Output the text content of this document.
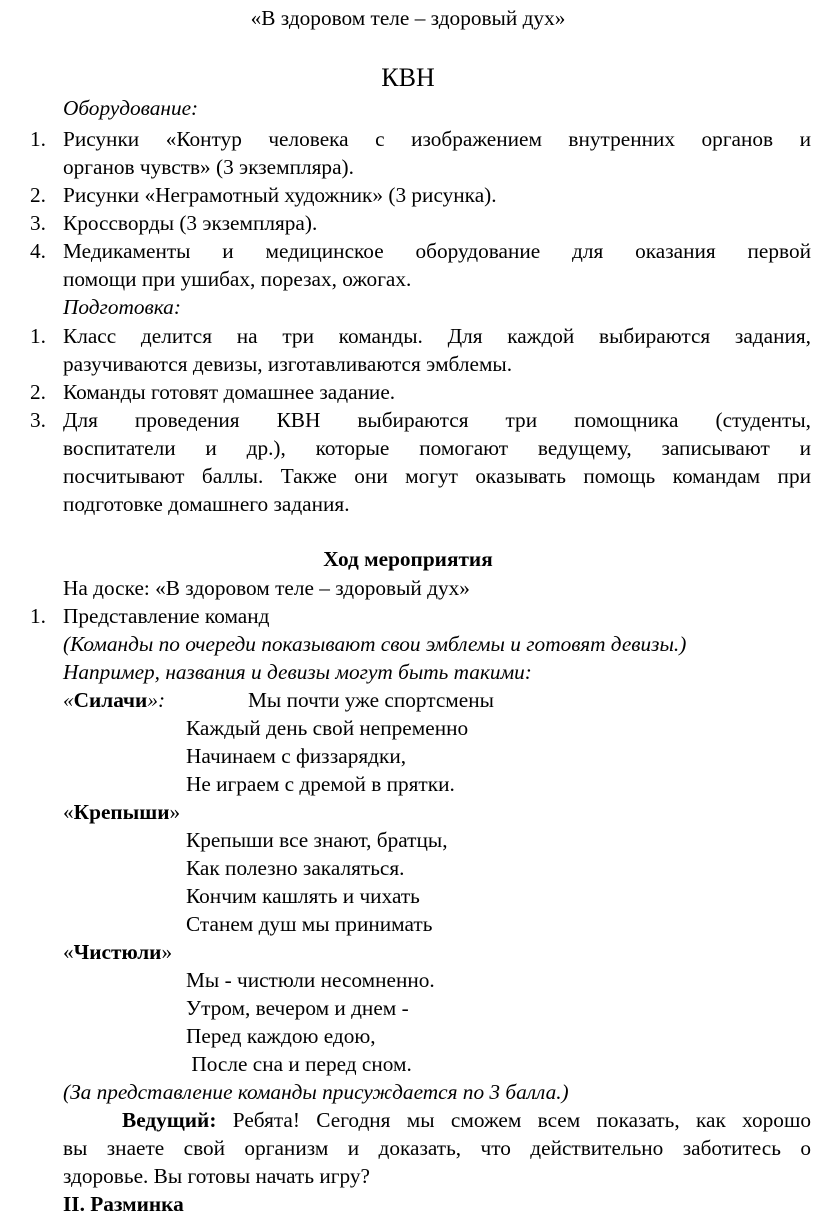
«В здоровом теле – здоровый дух»
КВН
Оборудование:
1. Рисунки «Контур человека с изображением внутренних органов и
органов чувств» (3 экземпляра).
2. Рисунки «Неграмотный художник» (3 рисунка).
3. Кроссворды (3 экземпляра).
4. Медикаменты и медицинское оборудование для оказания первой
помощи при ушибах, порезах, ожогах.
Подготовка:
1. Класс делится на три команды. Для каждой выбираются задания,
разучиваются девизы, изготавливаются эмблемы.
2. Команды готовят домашнее задание.
3. Для проведения КВН выбираются три помощника (студенты,
воспитатели и др.), которые помогают ведущему, записывают и
посчитывают баллы. Также они могут оказывать помощь командам при
подготовке домашнего задания.
Ход мероприятия
На доске: «В здоровом теле – здоровый дух»
1. Представление команд
(Команды по очереди показывают свои эмблемы и готовят девизы.)
Например, названия и девизы могут быть такими:
«Силачи»:	Мы почти уже спортсмены
Каждый день свой непременно
Начинаем с физзарядки,
Не играем с дремой в прятки.
«Крепыши»
Крепыши все знают, братцы,
Как полезно закаляться.
Кончим кашлять и чихать
Станем душ мы принимать
«Чистюли»
Мы - чистюли несомненно.
Утром, вечером и днем -
Перед каждою едою,
После сна и перед сном.
(За представление команды присуждается по 3 балла.)
Ведущий: Ребята! Сегодня мы сможем всем показать, как хорошо
вы знаете свой организм и доказать, что действительно заботитесь о
здоровье. Вы готовы начать игру?
II. Разминка
